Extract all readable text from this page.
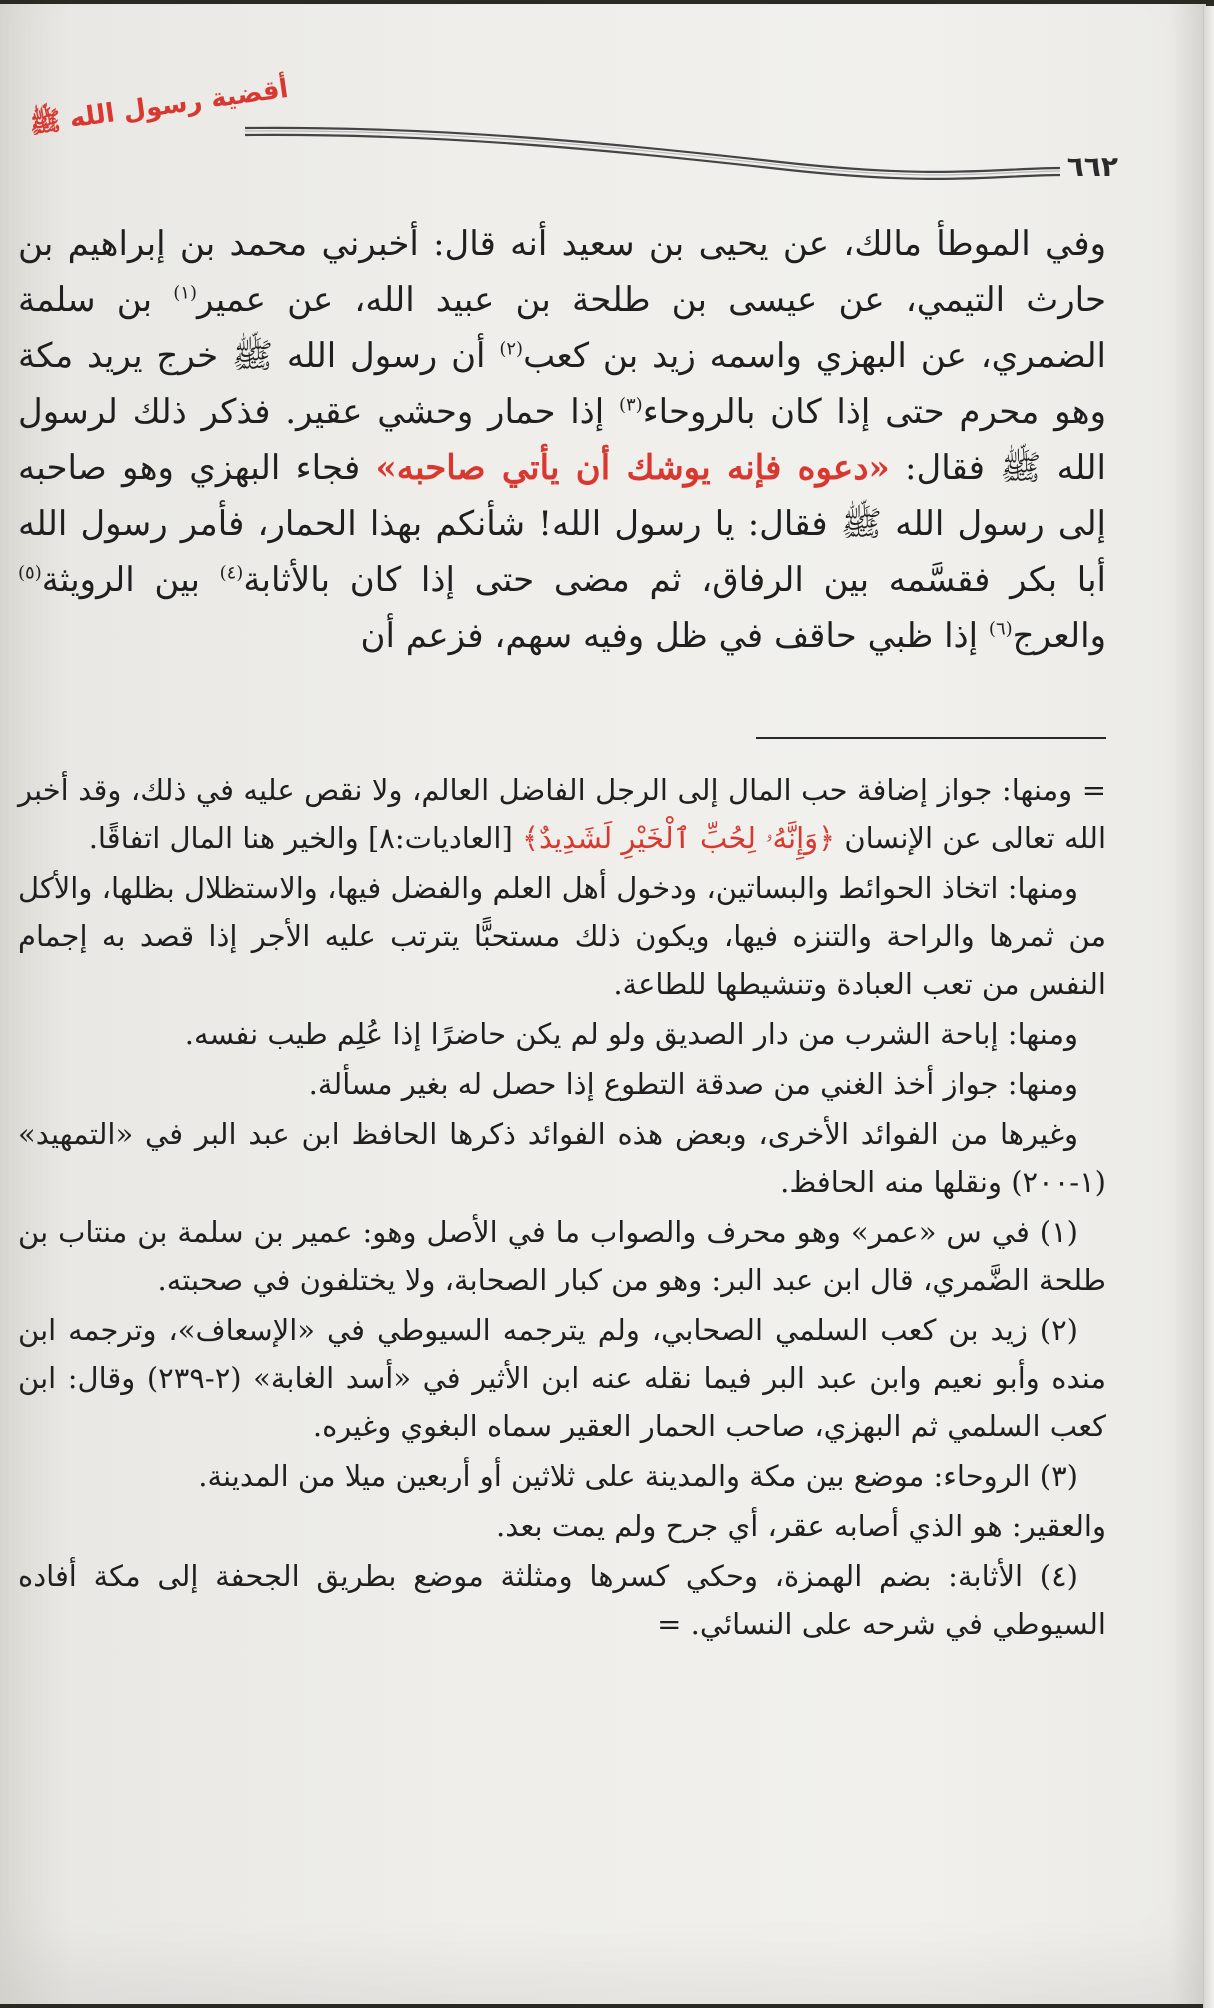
أقضية رسول الله ﷺ
٦٦٢

وفي الموطأ مالك، عن يحيى بن سعيد أنه قال: أخبرني محمد بن إبراهيم بن حارث التيمي، عن عيسى بن طلحة بن عبيد الله، عن عمير$^{(١)}$ بن سلمة الضمري، عن البهزي واسمه زيد بن كعب$^{(٢)}$ أن رسول الله ﷺ خرج يريد مكة وهو محرم حتى إذا كان بالروحاء$^{(٣)}$ إذا حمار وحشي عقير. فذكر ذلك لرسول الله ﷺ فقال: «دعوه فإنه يوشك أن يأتي صاحبه» فجاء البهزي وهو صاحبه إلى رسول الله ﷺ فقال: يا رسول الله! شأنكم بهذا الحمار، فأمر رسول الله أبا بكر فقسَّمه بين الرفاق، ثم مضى حتى إذا كان بالأثابة$^{(٤)}$ بين الرويثة$^{(٥)}$ والعرج$^{(٦)}$ إذا ظبي حاقف في ظل وفيه سهم، فزعم أن

= ومنها: جواز إضافة حب المال إلى الرجل الفاضل العالم، ولا نقص عليه في ذلك، وقد أخبر الله تعالى عن الإنسان ﴿وَإِنَّهُۥ لِحُبِّ ٱلْخَيْرِ لَشَدِيدٌ﴾ [العاديات:٨] والخير هنا المال اتفاقًا.

ومنها: اتخاذ الحوائط والبساتين، ودخول أهل العلم والفضل فيها، والاستظلال بظلها، والأكل من ثمرها والراحة والتنزه فيها، ويكون ذلك مستحبًّا يترتب عليه الأجر إذا قصد به إجمام النفس من تعب العبادة وتنشيطها للطاعة.

ومنها: إباحة الشرب من دار الصديق ولو لم يكن حاضرًا إذا عُلِم طيب نفسه.

ومنها: جواز أخذ الغني من صدقة التطوع إذا حصل له بغير مسألة.

وغيرها من الفوائد الأخرى، وبعض هذه الفوائد ذكرها الحافظ ابن عبد البر في «التمهيد» (١-٢٠٠) ونقلها منه الحافظ.

(١) في س «عمر» وهو محرف والصواب ما في الأصل وهو: عمير بن سلمة بن منتاب بن طلحة الضَّمري، قال ابن عبد البر: وهو من كبار الصحابة، ولا يختلفون في صحبته.

(٢) زيد بن كعب السلمي الصحابي، ولم يترجمه السيوطي في «الإسعاف»، وترجمه ابن منده وأبو نعيم وابن عبد البر فيما نقله عنه ابن الأثير في «أسد الغابة» (٢-٢٣٩) وقال: ابن كعب السلمي ثم البهزي، صاحب الحمار العقير سماه البغوي وغيره.

(٣) الروحاء: موضع بين مكة والمدينة على ثلاثين أو أربعين ميلا من المدينة.

والعقير: هو الذي أصابه عقر، أي جرح ولم يمت بعد.

(٤) الأثابة: بضم الهمزة، وحكي كسرها ومثلثة موضع بطريق الجحفة إلى مكة أفاده السيوطي في شرحه على النسائي. =
